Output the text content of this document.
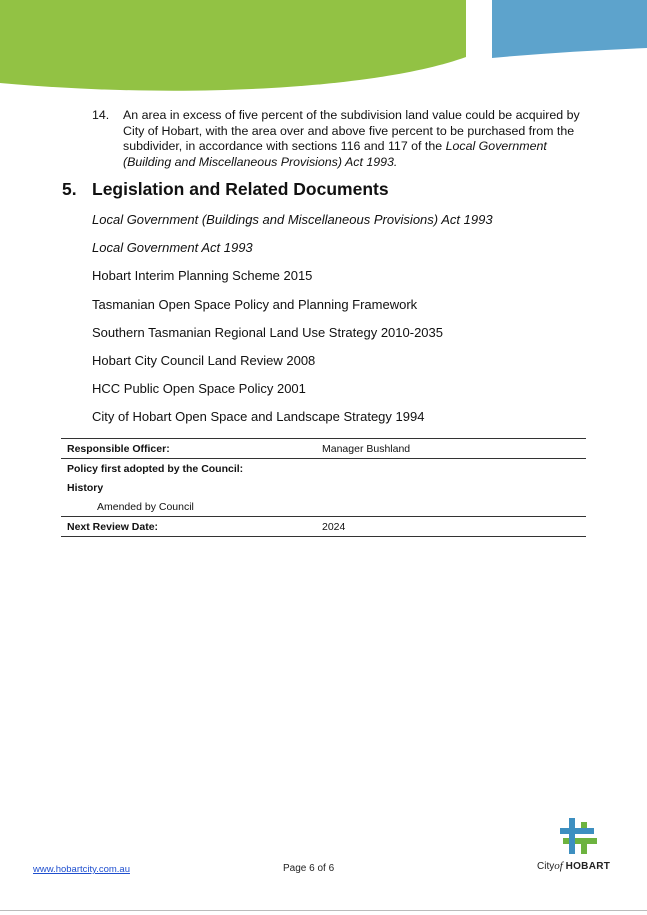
14.	An area in excess of five percent of the subdivision land value could be acquired by City of Hobart, with the area over and above five percent to be purchased from the subdivider, in accordance with sections 116 and 117 of the Local Government (Building and Miscellaneous Provisions) Act 1993.
5. Legislation and Related Documents
Local Government (Buildings and Miscellaneous Provisions) Act 1993
Local Government Act 1993
Hobart Interim Planning Scheme 2015
Tasmanian Open Space Policy and Planning Framework
Southern Tasmanian Regional Land Use Strategy 2010-2035
Hobart City Council Land Review 2008
HCC Public Open Space Policy 2001
City of Hobart Open Space and Landscape Strategy 1994
Responsible Officer:	Manager Bushland
Policy first adopted by the Council:	
History	
Amended by Council	
Next Review Date:	2024
www.hobartcity.com.au	Page 6 of 6	Cityof HOBART
